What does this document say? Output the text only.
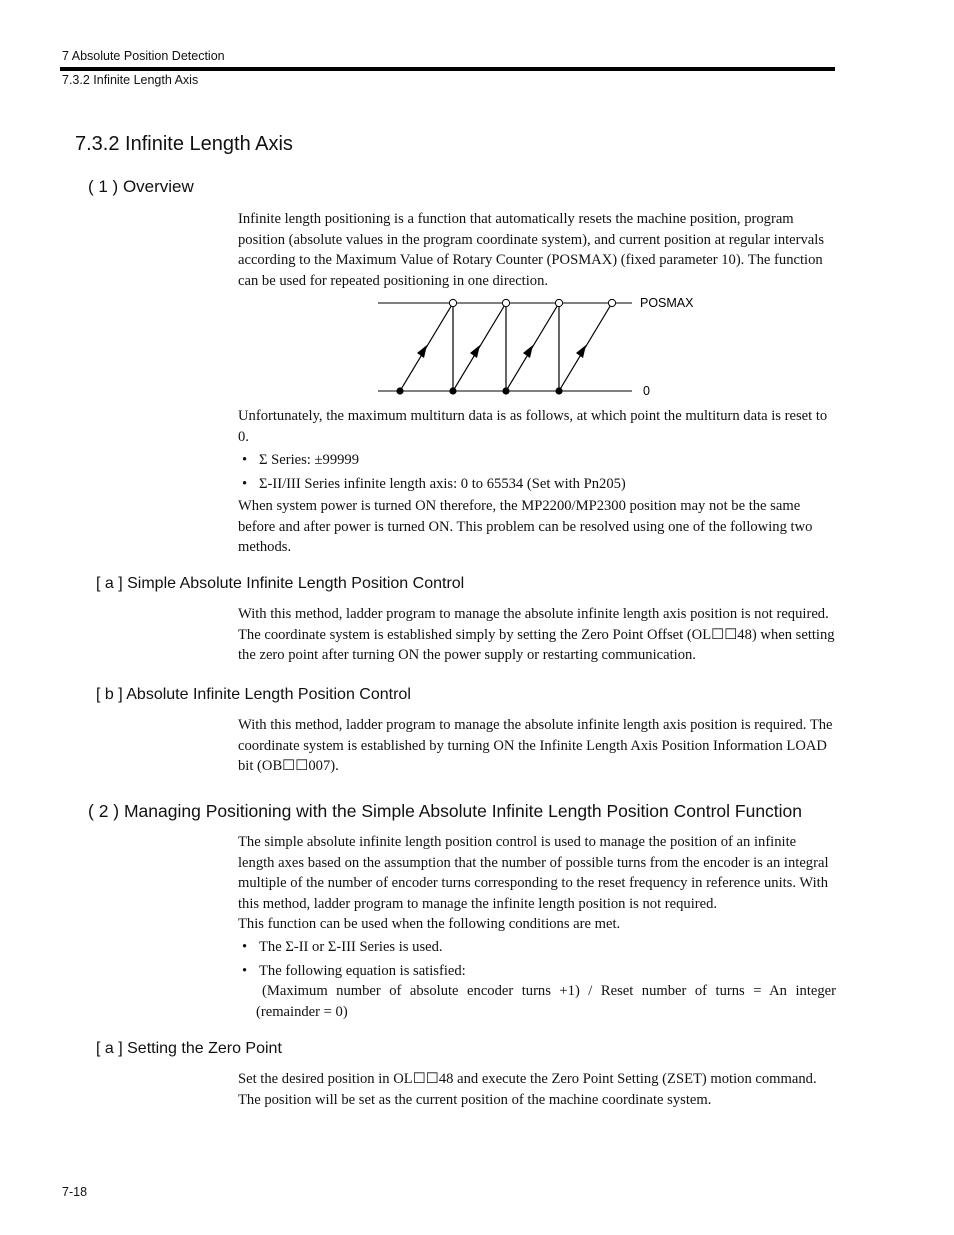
7 Absolute Position Detection
7.3.2 Infinite Length Axis
7.3.2 Infinite Length Axis
( 1 ) Overview

Infinite length positioning is a function that automatically resets the machine position, program position (absolute values in the program coordinate system), and current position at regular intervals according to the Maximum Value of Rotary Counter (POSMAX) (fixed parameter 10). The function can be used for repeated positioning in one direction.

POSMAX
0

Unfortunately, the maximum multiturn data is as follows, at which point the multiturn data is reset to 0.

• Σ Series: ±99999
• Σ-II/III Series infinite length axis: 0 to 65534 (Set with Pn205)

When system power is turned ON therefore, the MP2200/MP2300 position may not be the same before and after power is turned ON. This problem can be resolved using one of the following two methods.

[ a ] Simple Absolute Infinite Length Position Control

With this method, ladder program to manage the absolute infinite length axis position is not required. The coordinate system is established simply by setting the Zero Point Offset (OL☐☐48) when setting the zero point after turning ON the power supply or restarting communication.

[ b ] Absolute Infinite Length Position Control

With this method, ladder program to manage the absolute infinite length axis position is required. The coordinate system is established by turning ON the Infinite Length Axis Position Information LOAD bit (OB☐☐007).

( 2 ) Managing Positioning with the Simple Absolute Infinite Length Position Control Function

The simple absolute infinite length position control is used to manage the position of an infinite length axes based on the assumption that the number of possible turns from the encoder is an integral multiple of the number of encoder turns corresponding to the reset frequency in reference units. With this method, ladder program to manage the infinite length position is not required.

This function can be used when the following conditions are met.

• The Σ-II or Σ-III Series is used.
• The following equation is satisfied:
(Maximum number of absolute encoder turns +1) / Reset number of turns = An integer
(remainder = 0)
[ a ] Setting the Zero Point

Set the desired position in OL☐☐48 and execute the Zero Point Setting (ZSET) motion command. The position will be set as the current position of the machine coordinate system.

7-18
